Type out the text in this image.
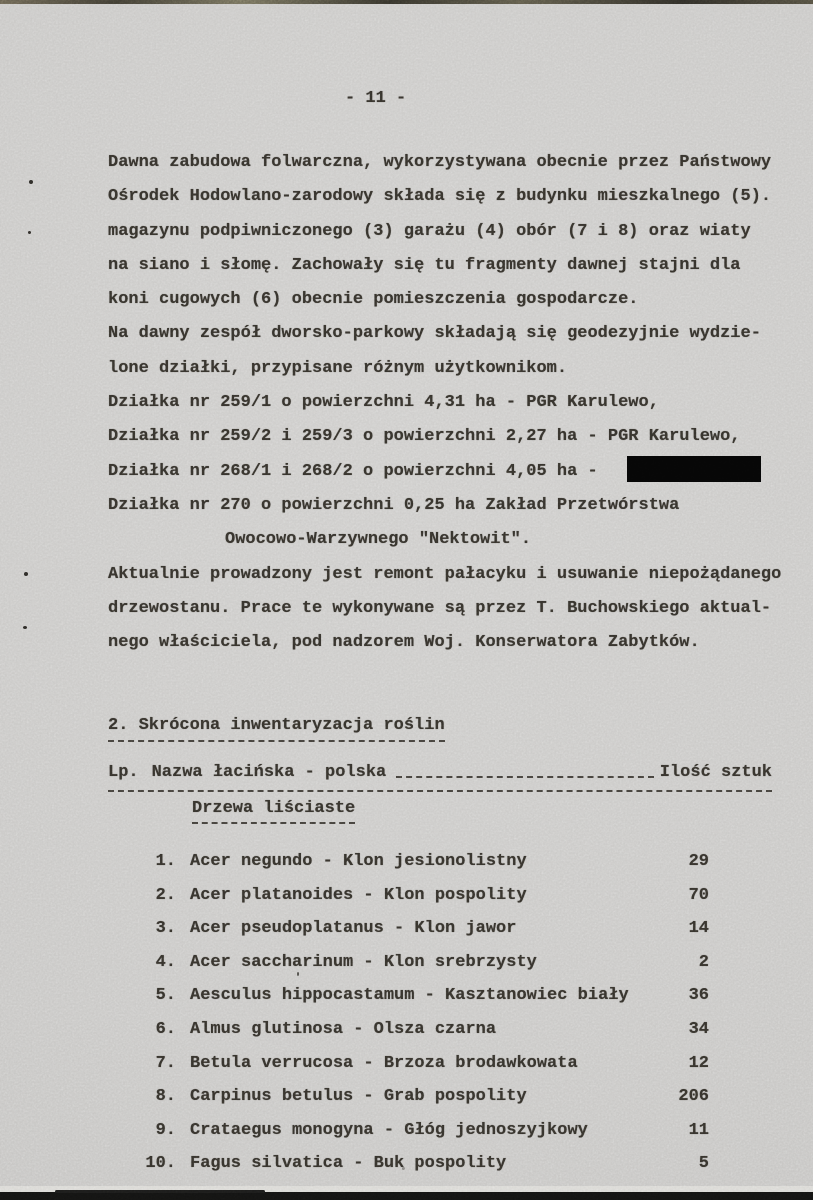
- 11 -
Dawna zabudowa folwarczna, wykorzystywana obecnie przez Państwowy
Ośrodek Hodowlano-zarodowy składa się z budynku mieszkalnego (5).
magazynu podpiwniczonego (3) garażu (4) obór (7 i 8) oraz wiaty
na siano i słomę. Zachowały się tu fragmenty dawnej stajni dla
koni cugowych (6) obecnie pomieszczenia gospodarcze.
Na dawny zespół dworsko-parkowy składają się geodezyjnie wydzie-
lone działki, przypisane różnym użytkownikom.
Działka nr 259/1 o powierzchni 4,31 ha - PGR Karulewo,
Działka nr 259/2 i 259/3 o powierzchni 2,27 ha - PGR Karulewo,
Działka nr 268/1 i 268/2 o powierzchni 4,05 ha -
Działka nr 270 o powierzchni 0,25 ha Zakład Przetwórstwa
Owocowo-Warzywnego "Nektowit".
Aktualnie prowadzony jest remont pałacyku i usuwanie niepożądanego
drzewostanu. Prace te wykonywane są przez T. Buchowskiego aktual-
nego właściciela, pod nadzorem Woj. Konserwatora Zabytków.
2. Skrócona inwentaryzacja roślin
Lp. Nazwa łacińska - polska	Ilość sztuk
Drzewa liściaste
1. Acer negundo - Klon jesionolistny	29
2. Acer platanoides - Klon pospolity	70
3. Acer pseudoplatanus - Klon jawor	14
4. Acer saccharinum - Klon srebrzysty	2
5. Aesculus hippocastamum - Kasztanowiec biały	36
6. Almus glutinosa - Olsza czarna	34
7. Betula verrucosa - Brzoza brodawkowata	12
8. Carpinus betulus - Grab pospolity	206
9. Crataegus monogyna - Głóg jednoszyjkowy	11
10. Fagus silvatica - Buk pospolity	5
